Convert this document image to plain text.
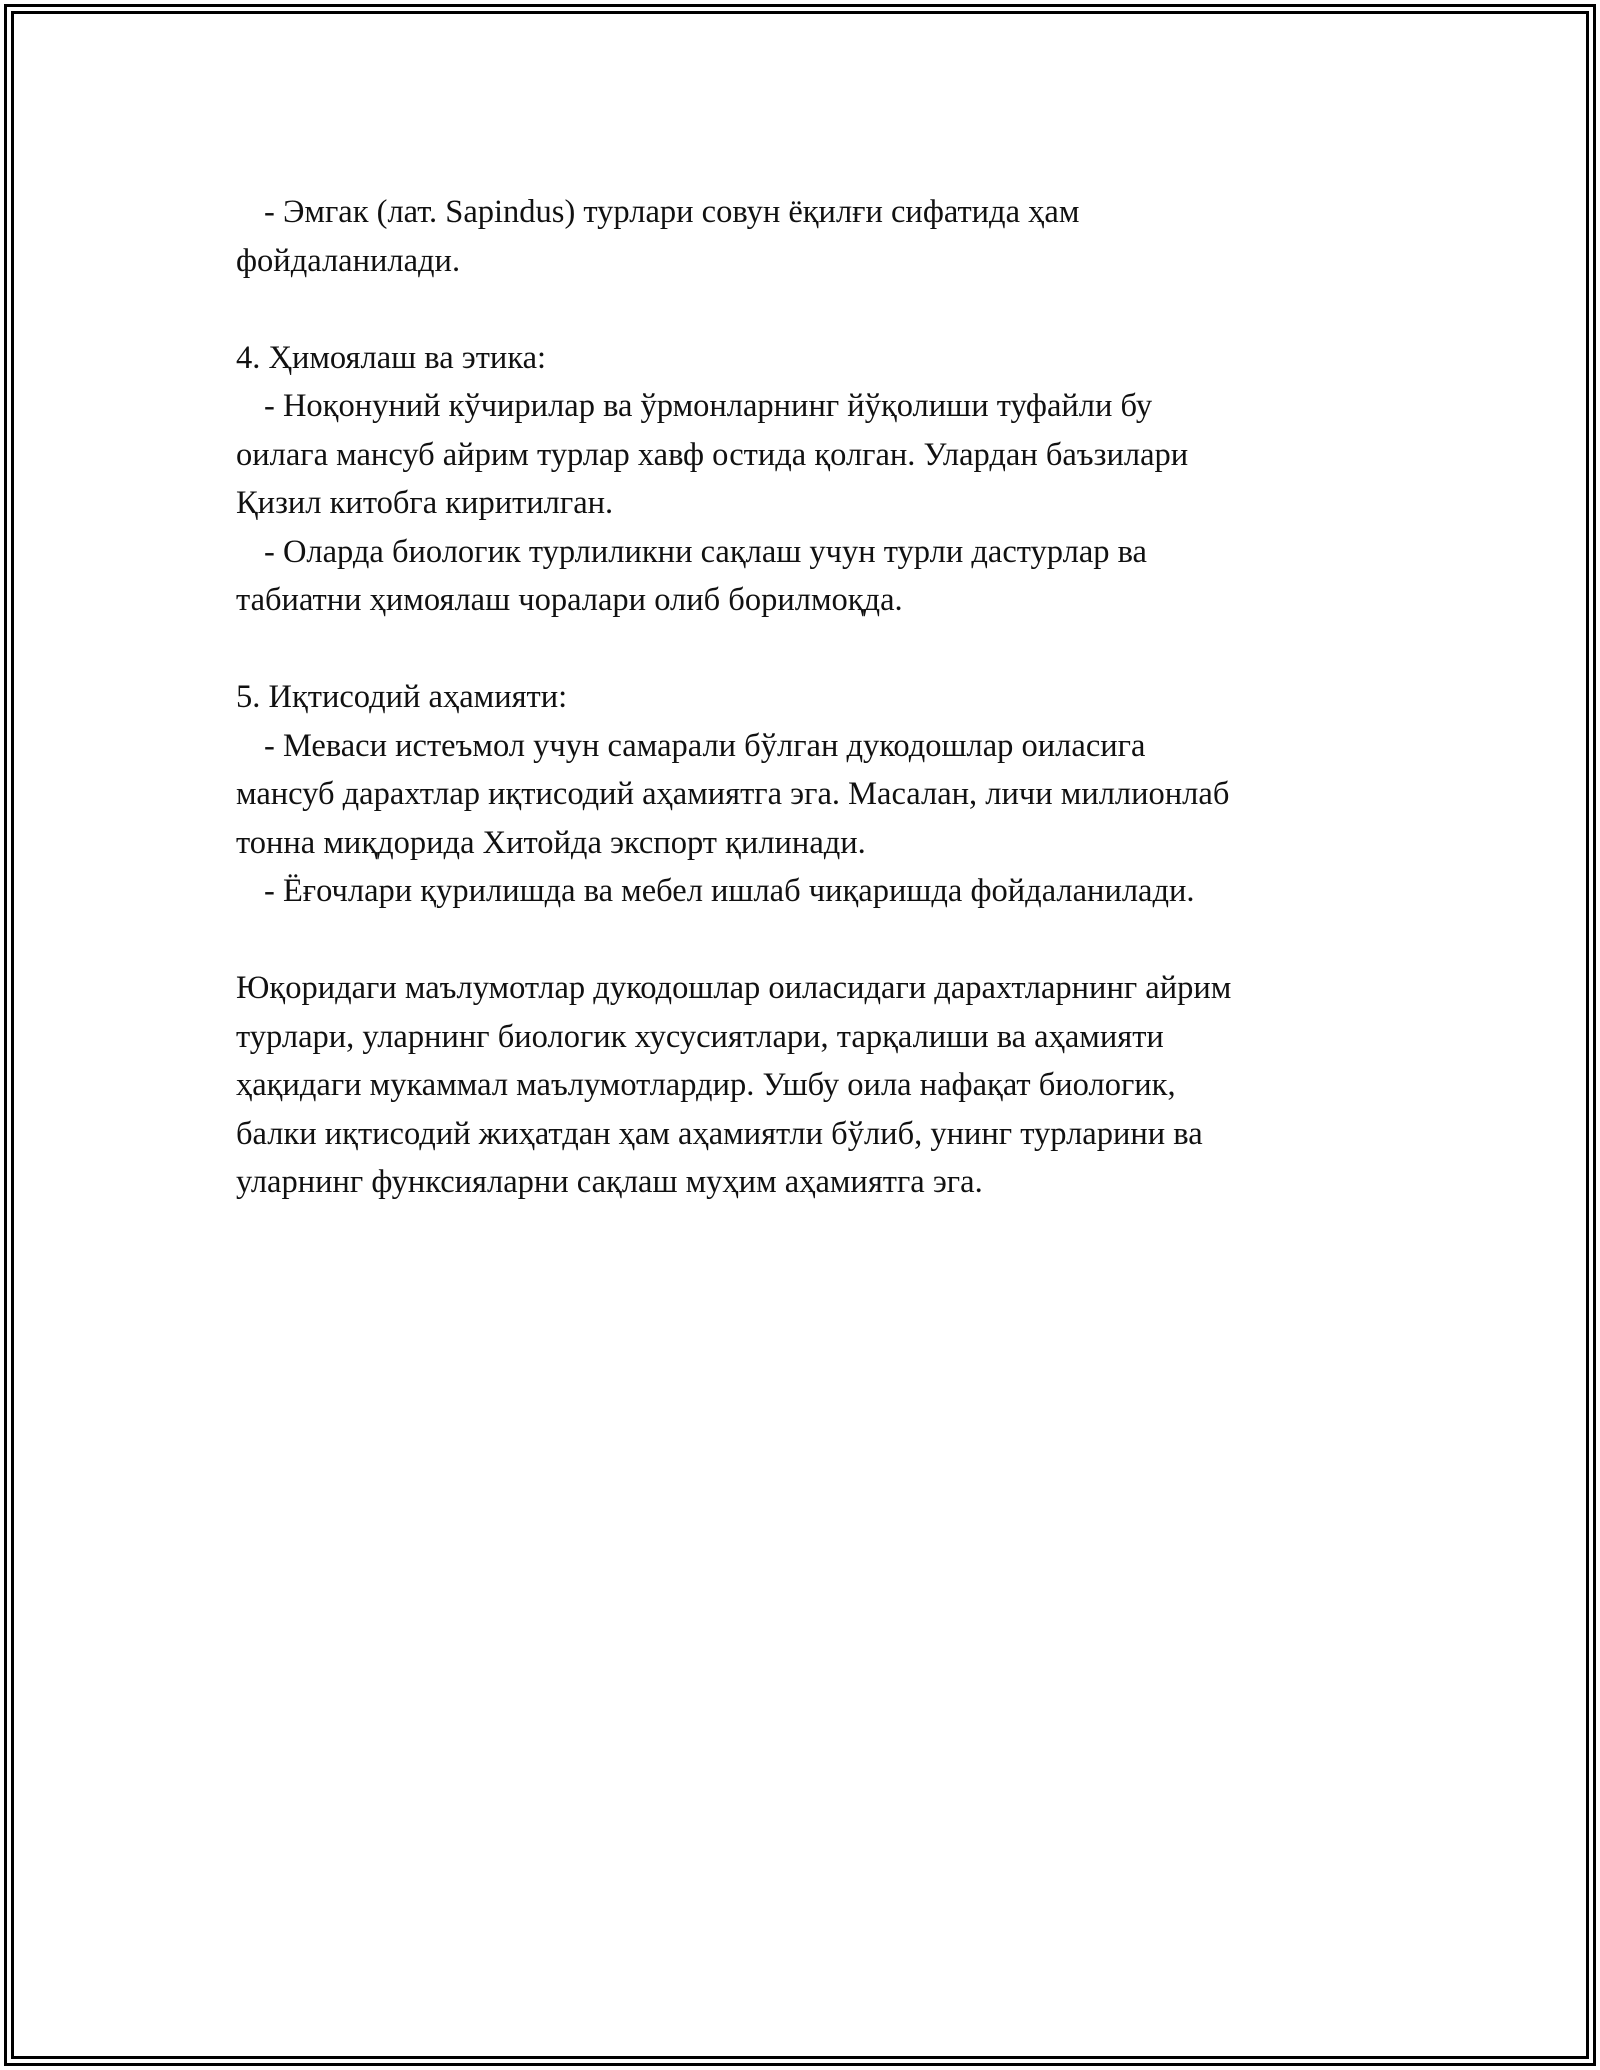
- Эмгак (лат. Sapindus) турлари совун ёқилғи сифатида ҳам
фойдаланилади.
4. Ҳимоялаш ва этика:
- Ноқонуний кўчирилар ва ўрмонларнинг йўқолиши туфайли бу
оилага мансуб айрим турлар хавф остида қолган. Улардан баъзилари
Қизил китобга киритилган.
- Оларда биологик турлиликни сақлаш учун турли дастурлар ва
табиатни ҳимоялаш чоралари олиб борилмоқда.
5. Иқтисодий аҳамияти:
- Меваси истеъмол учун самарали бўлган дукодошлар оиласига
мансуб дарахтлар иқтисодий аҳамиятга эга. Масалан, личи миллионлаб
тонна миқдорида Хитойда экспорт қилинади.
- Ёғочлари қурилишда ва мебел ишлаб чиқаришда фойдаланилади.
Юқоридаги маълумотлар дукодошлар оиласидаги дарахтларнинг айрим
турлари, уларнинг биологик хусусиятлари, тарқалиши ва аҳамияти
ҳақидаги мукаммал маълумотлардир. Ушбу оила нафақат биологик,
балки иқтисодий жиҳатдан ҳам аҳамиятли бўлиб, унинг турларини ва
уларнинг функсияларни сақлаш муҳим аҳамиятга эга.
